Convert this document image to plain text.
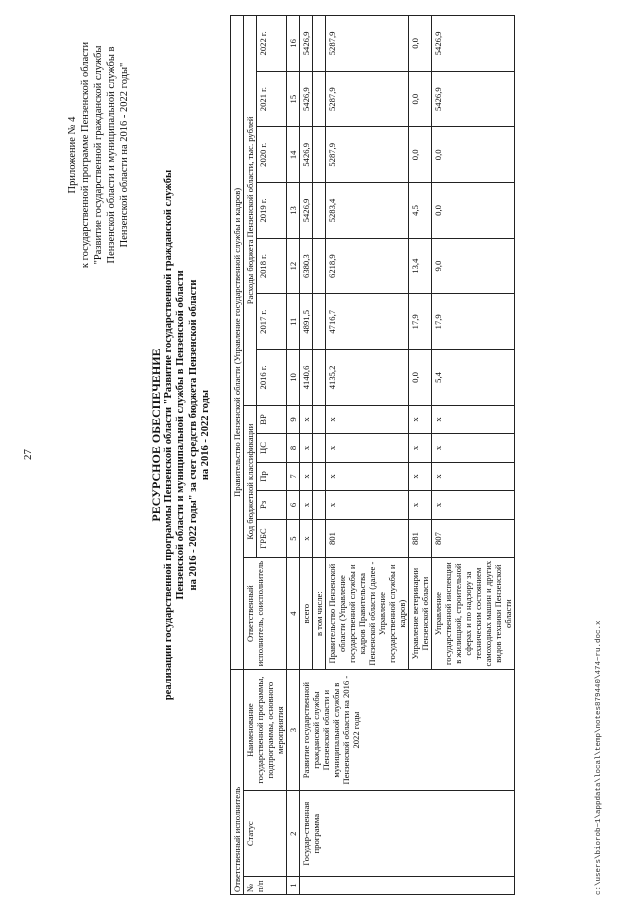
27
Приложение № 4 к государственной программе Пензенской области "Развитие государственной гражданской службы Пензенской области и муниципальной службы в Пензенской области на 2016 - 2022 годы"
РЕСУРСНОЕ ОБЕСПЕЧЕНИЕ реализации государственной программы Пензенской области "Развитие государственной гражданской службы Пензенской области и муниципальной службы в Пензенской области на 2016 - 2022 годы" за счет средств бюджета Пензенской области на 2016 - 2022 годы
Ответственный исполнитель			Правительство Пензенской области (Управление государственной службы и кадров)												
№ п/п	Статус	Наименование государственной программы, подпрограммы, основного мероприятия	Ответственный исполнитель, соисполнитель	Код бюджетной классификации					Расходы бюджета Пензенской области, тыс. рублей						
				ГРБС	Рз	Пр	ЦС	ВР	2016 г.	2017 г.	2018 г.	2019 г.	2020 г.	2021 г.	2022 г.

1	2	3	4	5	6	7	8	9	10	11	12	13	14	15	16
	Государ-ственная программа	Развитие государственной гражданской службы Пензенской области и муниципальной службы в Пензенской области на 2016 - 2022 годы	всего	x	x	x	x	x	4140,6	4891,5	6380,3	5426,9	5426,9	5426,9	5426,9
			в том числе:												
			Правительство Пензенской области (Управление государственной службы и кадров Правительства Пензенской области (далее - Управление государственной службы и кадров)	801	x	x	x	x	4135,2	4716,7	6218,9	5283,4	5287,9	5287,9	5287,9
			Управление ветеринарии Пензенской области	881	x	x	x	x	0,0	17,9	13,4	4,5	0,0	0,0	0,0
			Управление государственной инспекции в жилищной, строительной сферах и по надзору за техническим состоянием самоходных машин и других видов техники Пензенской области	807	x	x	x	x	5,4	17,9	9,0	0,0	0,0	5426,9	5426,9
c:\users\biorob~1\appdata\local\temp\notes879440\474~ru.doc.x
